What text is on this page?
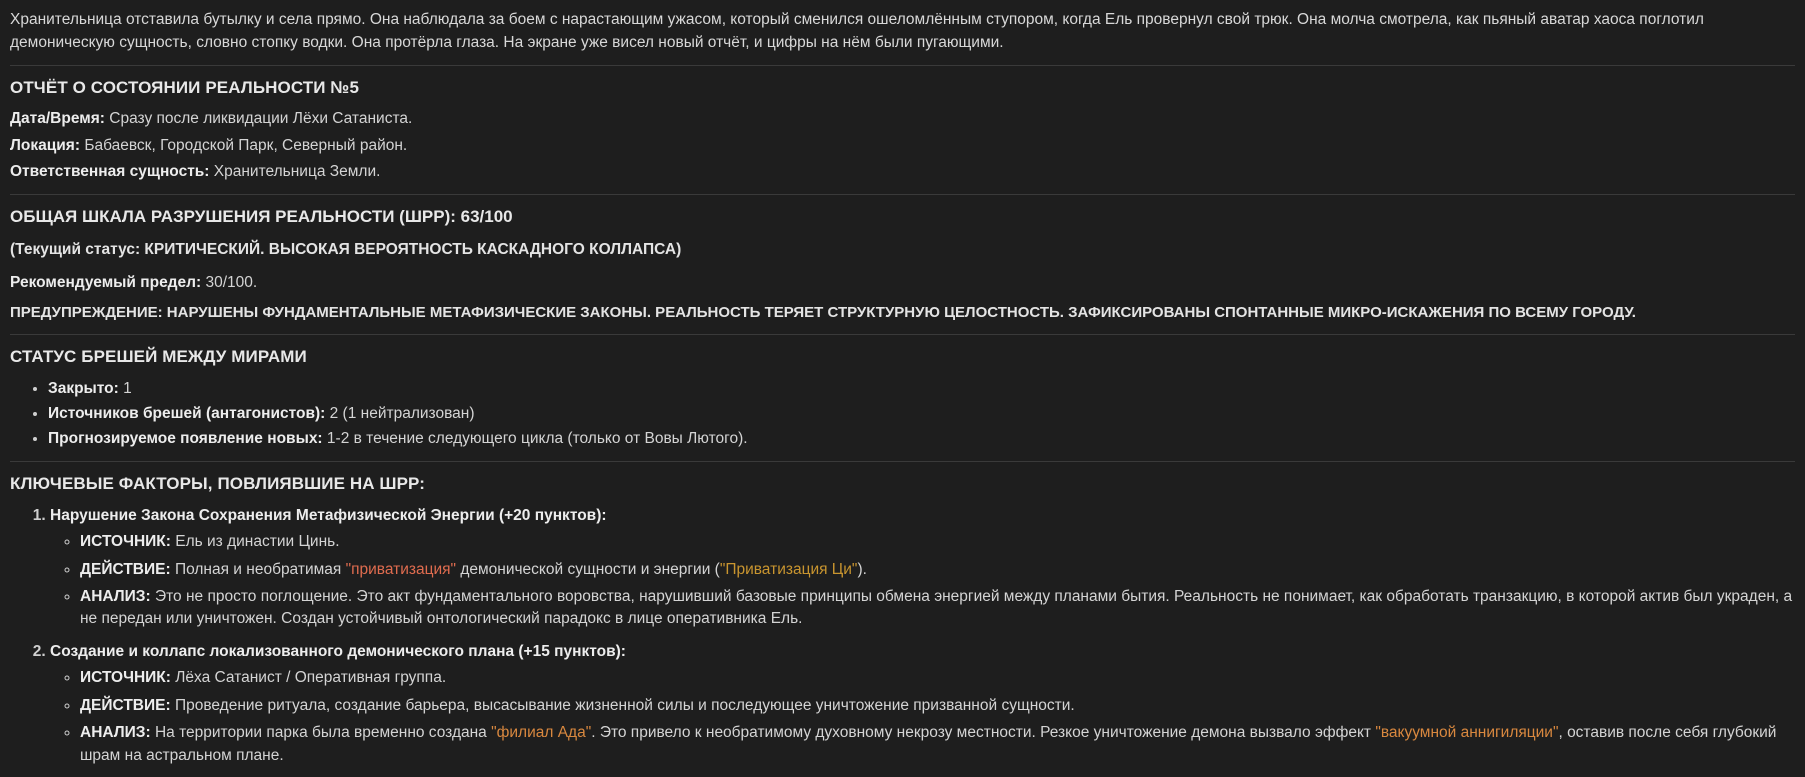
Хранительница отставила бутылку и села прямо. Она наблюдала за боем с нарастающим ужасом, который сменился ошеломлённым ступором, когда Ель провернул свой трюк. Она молча смотрела, как пьяный аватар хаоса поглотил демоническую сущность, словно стопку водки. Она протёрла глаза. На экране уже висел новый отчёт, и цифры на нём были пугающими.

ОТЧЁТ О СОСТОЯНИИ РЕАЛЬНОСТИ №5

Дата/Время: Сразу после ликвидации Лёхи Сатаниста.

Локация: Бабаевск, Городской Парк, Северный район.

Ответственная сущность: Хранительница Земли.

ОБЩАЯ ШКАЛА РАЗРУШЕНИЯ РЕАЛЬНОСТИ (ШРР): 63/100

(Текущий статус: КРИТИЧЕСКИЙ. ВЫСОКАЯ ВЕРОЯТНОСТЬ КАСКАДНОГО КОЛЛАПСА)

Рекомендуемый предел: 30/100.

ПРЕДУПРЕЖДЕНИЕ: НАРУШЕНЫ ФУНДАМЕНТАЛЬНЫЕ МЕТАФИЗИЧЕСКИЕ ЗАКОНЫ. РЕАЛЬНОСТЬ ТЕРЯЕТ СТРУКТУРНУЮ ЦЕЛОСТНОСТЬ. ЗАФИКСИРОВАНЫ СПОНТАННЫЕ МИКРО-ИСКАЖЕНИЯ ПО ВСЕМУ ГОРОДУ.

СТАТУС БРЕШЕЙ МЕЖДУ МИРАМИ
• Закрыто: 1
• Источников брешей (антагонистов): 2 (1 нейтрализован)
• Прогнозируемое появление новых: 1-2 в течение следующего цикла (только от Вовы Лютого).
КЛЮЧЕВЫЕ ФАКТОРЫ, ПОВЛИЯВШИЕ НА ШРР:
1. Нарушение Закона Сохранения Метафизической Энергии (+20 пунктов):
◦ ИСТОЧНИК: Ель из династии Цинь.
◦ ДЕЙСТВИЕ: Полная и необратимая "приватизация" демонической сущности и энергии ("Приватизация Ци").
◦ АНАЛИЗ: Это не просто поглощение. Это акт фундаментального воровства, нарушивший базовые принципы обмена энергией между планами бытия. Реальность не понимает, как обработать транзакцию, в которой актив был украден, а не передан или уничтожен. Создан устойчивый онтологический парадокс в лице оперативника Ель.
2. Создание и коллапс локализованного демонического плана (+15 пунктов):
◦ ИСТОЧНИК: Лёха Сатанист / Оперативная группа.
◦ ДЕЙСТВИЕ: Проведение ритуала, создание барьера, высасывание жизненной силы и последующее уничтожение призванной сущности.
◦ АНАЛИЗ: На территории парка была временно создана "филиал Ада". Это привело к необратимому духовному некрозу местности. Резкое уничтожение демона вызвало эффект "вакуумной аннигиляции", оставив после себя глубокий шрам на астральном плане.
